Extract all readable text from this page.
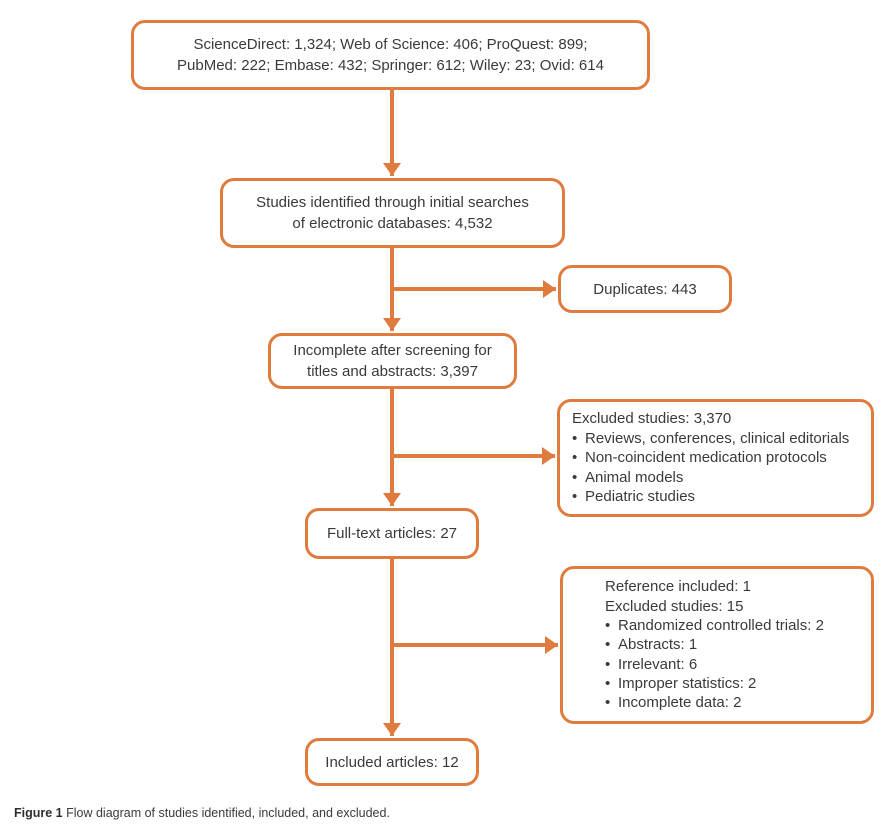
ScienceDirect: 1,324; Web of Science: 406; ProQuest: 899;
PubMed: 222; Embase: 432; Springer: 612; Wiley: 23; Ovid: 614
Studies identified through initial searches
of electronic databases: 4,532
Duplicates: 443
Incomplete after screening for
titles and abstracts: 3,397
Excluded studies: 3,370
• Reviews, conferences, clinical editorials
• Non-coincident medication protocols
• Animal models
• Pediatric studies
Full-text articles: 27
Reference included: 1
Excluded studies: 15
• Randomized controlled trials: 2
• Abstracts: 1
• Irrelevant: 6
• Improper statistics: 2
• Incomplete data: 2
Included articles: 12
Figure 1 Flow diagram of studies identified, included, and excluded.
